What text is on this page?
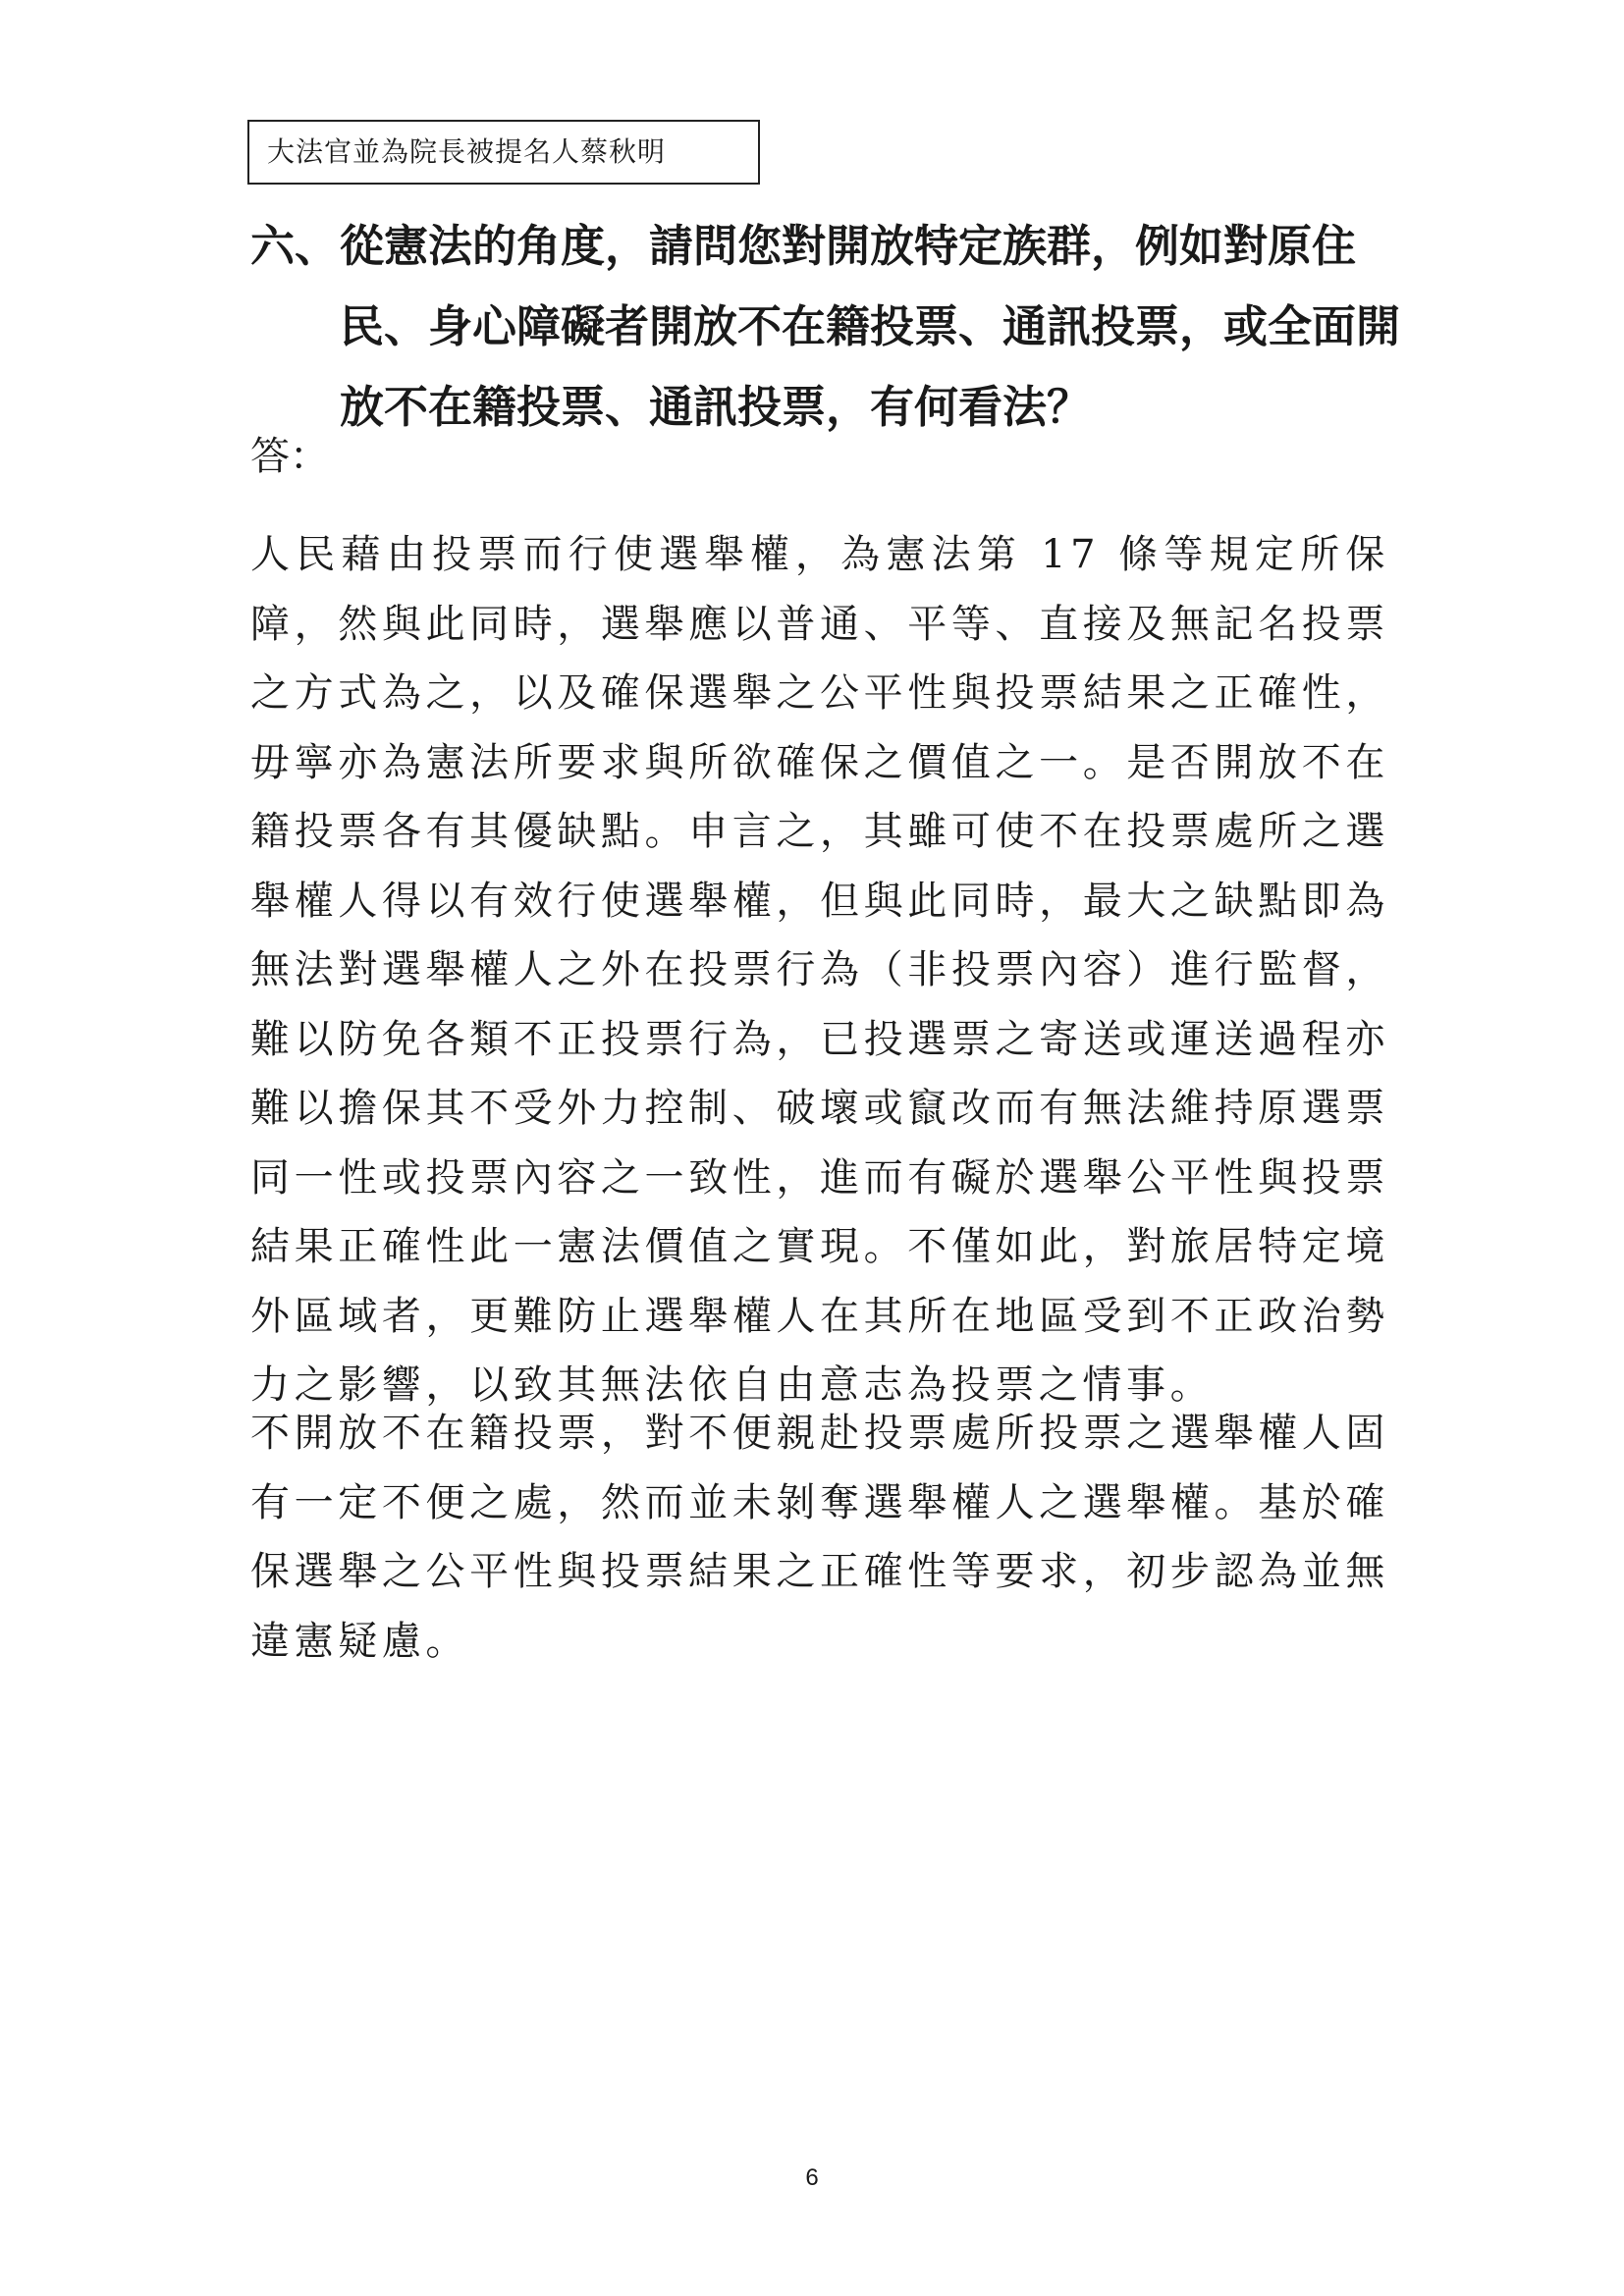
大法官並為院長被提名人蔡秋明
六、 從憲法的角度，請問您對開放特定族群，例如對原住民、身心障礙者開放不在籍投票、通訊投票，或全面開放不在籍投票、通訊投票，有何看法？
答：
人民藉由投票而行使選舉權，為憲法第 17 條等規定所保障，然與此同時，選舉應以普通、平等、直接及無記名投票之方式為之，以及確保選舉之公平性與投票結果之正確性，毋寧亦為憲法所要求與所欲確保之價值之一。是否開放不在籍投票各有其優缺點。申言之，其雖可使不在投票處所之選舉權人得以有效行使選舉權，但與此同時，最大之缺點即為無法對選舉權人之外在投票行為（非投票內容）進行監督，難以防免各類不正投票行為，已投選票之寄送或運送過程亦難以擔保其不受外力控制、破壞或竄改而有無法維持原選票同一性或投票內容之一致性，進而有礙於選舉公平性與投票結果正確性此一憲法價值之實現。不僅如此，對旅居特定境外區域者，更難防止選舉權人在其所在地區受到不正政治勢力之影響，以致其無法依自由意志為投票之情事。
不開放不在籍投票，對不便親赴投票處所投票之選舉權人固有一定不便之處，然而並未剝奪選舉權人之選舉權。基於確保選舉之公平性與投票結果之正確性等要求，初步認為並無違憲疑慮。
6
